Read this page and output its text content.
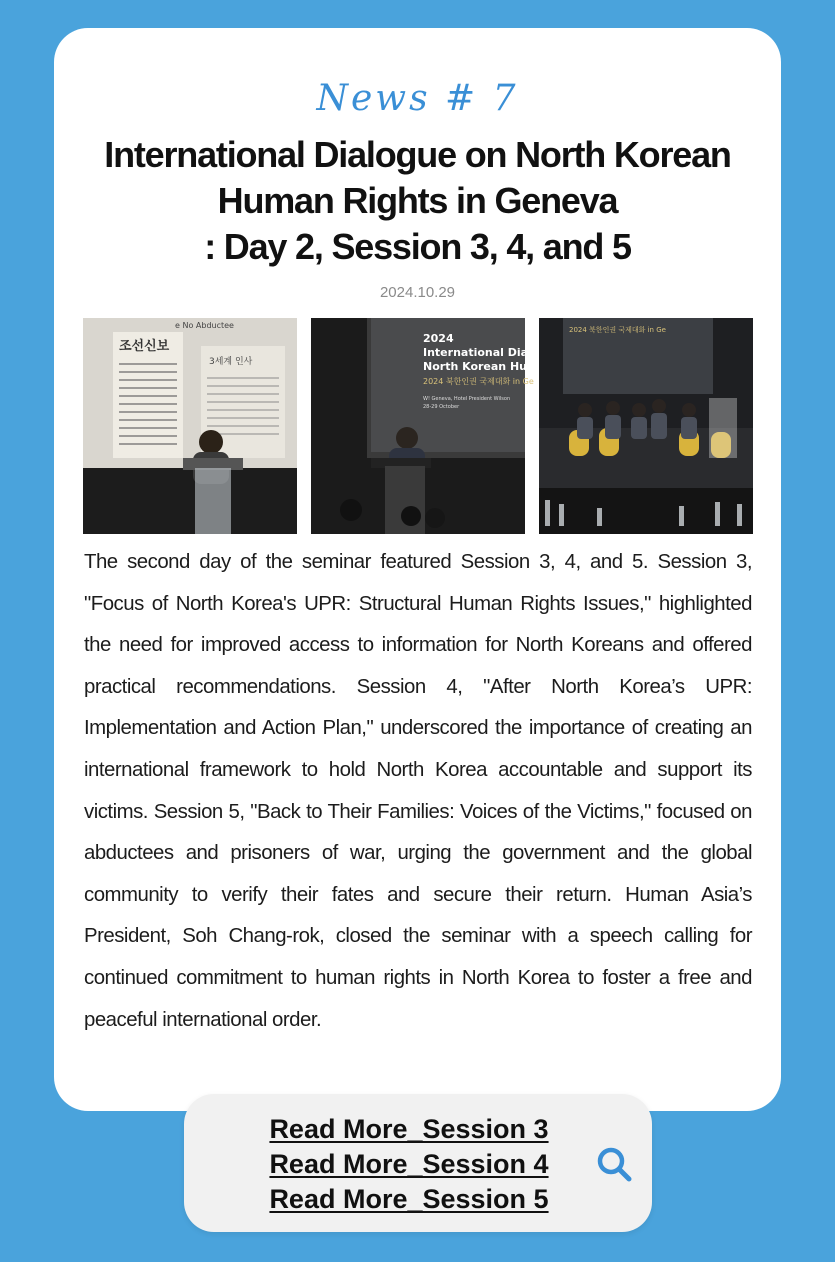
News # 7
International Dialogue on North Korean
Human Rights in Geneva
: Day 2, Session 3, 4, and 5
2024.10.29
조선신보
e No Abductee
3세계 인사
2024
International Dialo
North Korean Hum
2024 북한인권 국제대화 in Ge
W! Geneva, Hotel President Wilson
28-29 October
2024 북한인권 국제대화 in Ge

The second day of the seminar featured Session 3, 4, and 5. Session 3, "Focus of North Korea's UPR: Structural Human Rights Issues," highlighted the need for improved access to information for North Koreans and offered practical recommendations. Session 4, "After North Korea’s UPR: Implementation and Action Plan," underscored the importance of creating an international framework to hold North Korea accountable and support its victims. Session 5, "Back to Their Families: Voices of the Victims," focused on abductees and prisoners of war, urging the government and the global community to verify their fates and secure their return. Human Asia’s President, Soh Chang-rok, closed the seminar with a speech calling for continued commitment to human rights in North Korea to foster a free and peaceful international order.

Read More_Session 3
Read More_Session 4
Read More_Session 5
